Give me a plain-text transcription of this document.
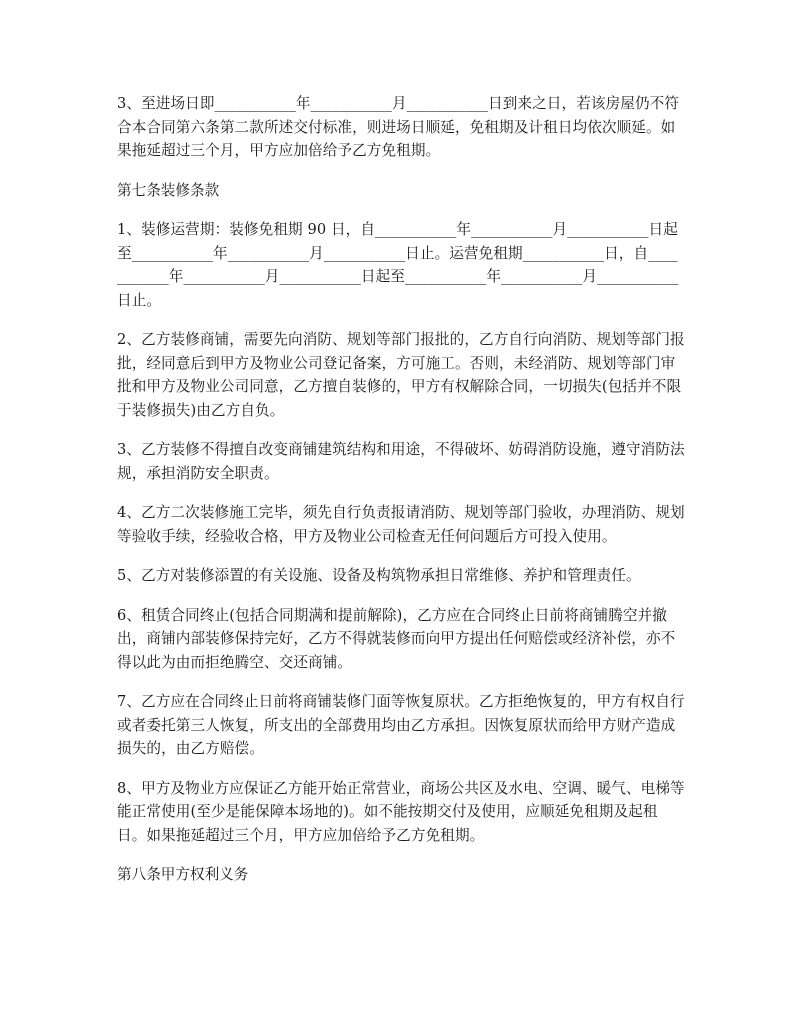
3、至进场日即___________年___________月___________日到来之日，若该房屋仍不符合本合同第六条第二款所述交付标准，则进场日顺延，免租期及计租日均依次顺延。如果拖延超过三个月，甲方应加倍给予乙方免租期。

第七条装修条款

1、装修运营期：装修免租期 90 日，自___________年___________月___________日起至___________年___________月___________日止。运营免租期___________日，自___________年___________月___________日起至___________年___________月___________日止。

2、乙方装修商铺，需要先向消防、规划等部门报批的，乙方自行向消防、规划等部门报批，经同意后到甲方及物业公司登记备案，方可施工。否则，未经消防、规划等部门审批和甲方及物业公司同意，乙方擅自装修的，甲方有权解除合同，一切损失(包括并不限于装修损失)由乙方自负。

3、乙方装修不得擅自改变商铺建筑结构和用途，不得破坏、妨碍消防设施，遵守消防法规，承担消防安全职责。

4、乙方二次装修施工完毕，须先自行负责报请消防、规划等部门验收，办理消防、规划等验收手续，经验收合格，甲方及物业公司检查无任何问题后方可投入使用。

5、乙方对装修添置的有关设施、设备及构筑物承担日常维修、养护和管理责任。

6、租赁合同终止(包括合同期满和提前解除)，乙方应在合同终止日前将商铺腾空并撤出，商铺内部装修保持完好，乙方不得就装修而向甲方提出任何赔偿或经济补偿，亦不得以此为由而拒绝腾空、交还商铺。

7、乙方应在合同终止日前将商铺装修门面等恢复原状。乙方拒绝恢复的，甲方有权自行或者委托第三人恢复，所支出的全部费用均由乙方承担。因恢复原状而给甲方财产造成损失的，由乙方赔偿。

8、甲方及物业方应保证乙方能开始正常营业，商场公共区及水电、空调、暖气、电梯等能正常使用(至少是能保障本场地的)。如不能按期交付及使用，应顺延免租期及起租日。如果拖延超过三个月，甲方应加倍给予乙方免租期。

第八条甲方权利义务
